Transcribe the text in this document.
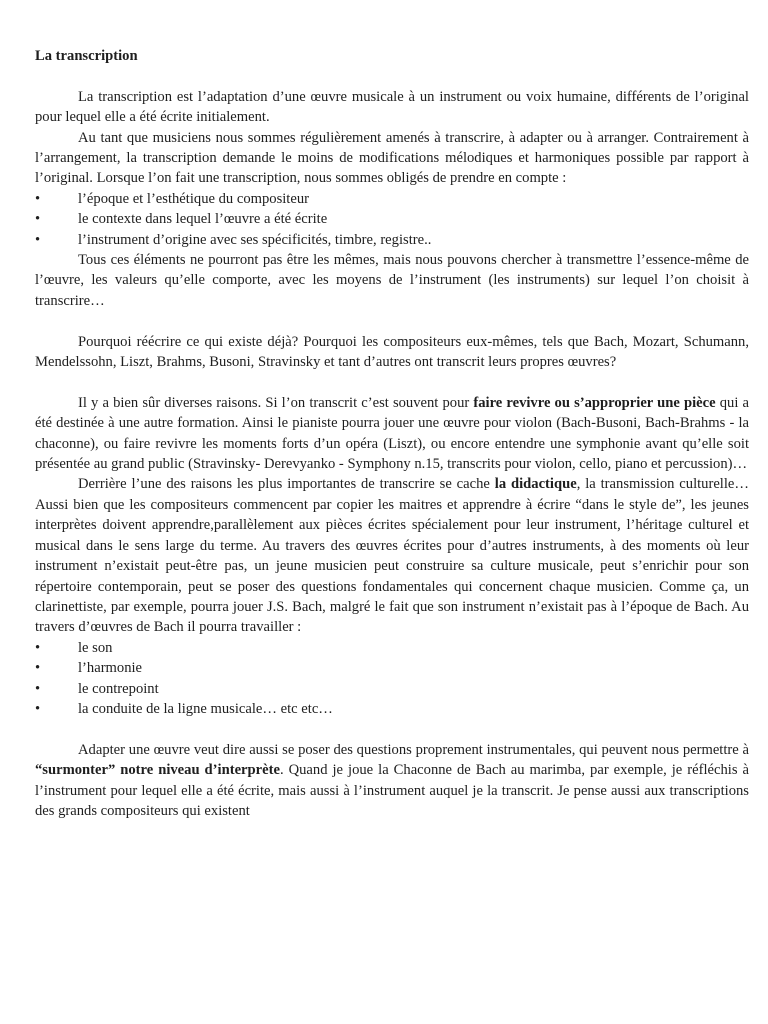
La transcription

La transcription est l’adaptation d’une œuvre musicale à un instrument ou voix humaine, différents de l’original pour lequel elle a été écrite initialement.

Au tant que musiciens nous sommes régulièrement amenés à transcrire, à adapter ou à arranger. Contrairement à l’arrangement, la transcription demande le moins de modifications mélodiques et harmoniques possible par rapport à l’original. Lorsque l’on fait une transcription, nous sommes obligés de prendre en compte :

•	l’époque et l’esthétique du compositeur
•	le contexte dans lequel l’œuvre a été écrite
•	l’instrument d’origine avec ses spécificités, timbre, registre..

Tous ces éléments ne pourront pas être les mêmes, mais nous pouvons chercher à transmettre l’essence-même de l’œuvre, les valeurs qu’elle comporte, avec les moyens de l’instrument (les instruments) sur lequel l’on choisit à transcrire…

Pourquoi réécrire ce qui existe déjà? Pourquoi les compositeurs eux-mêmes, tels que Bach, Mozart, Schumann, Mendelssohn, Liszt, Brahms, Busoni, Stravinsky et tant d’autres ont transcrit leurs propres œuvres?

Il y a bien sûr diverses raisons. Si l’on transcrit c’est souvent pour faire revivre ou s’approprier une pièce qui a été destinée à une autre formation. Ainsi le pianiste pourra jouer une œuvre pour violon (Bach-Busoni, Bach-Brahms - la chaconne), ou faire revivre les moments forts d’un opéra (Liszt), ou encore entendre une symphonie avant qu’elle soit présentée au grand public (Stravinsky- Derevyanko - Symphony n.15, transcrits pour violon, cello, piano et percussion)…

Derrière l’une des raisons les plus importantes de transcrire se cache la didactique, la transmission culturelle… Aussi bien que les compositeurs commencent par copier les maitres et apprendre à écrire “dans le style de”, les jeunes interprètes doivent apprendre,parallèlement aux pièces écrites spécialement pour leur instrument, l’héritage culturel et musical dans le sens large du terme. Au travers des œuvres écrites pour d’autres instruments, à des moments où leur instrument n’existait peut-être pas, un jeune musicien peut construire sa culture musicale, peut s’enrichir pour son répertoire contemporain, peut se poser des questions fondamentales qui concernent chaque musicien. Comme ça, un clarinettiste, par exemple, pourra jouer J.S. Bach, malgré le fait que son instrument n’existait pas à l’époque de Bach. Au travers d’œuvres de Bach il pourra travailler :

•	le son
•	l’harmonie
•	le contrepoint
•	la conduite de la ligne musicale… etc etc…

Adapter une œuvre veut dire aussi se poser des questions proprement instrumentales, qui peuvent nous permettre à “surmonter” notre niveau d’interprète. Quand je joue la Chaconne de Bach au marimba, par exemple, je réfléchis à l’instrument pour lequel elle a été écrite, mais aussi à l’instrument auquel je la transcrit. Je pense aussi aux transcriptions des grands compositeurs qui existent
